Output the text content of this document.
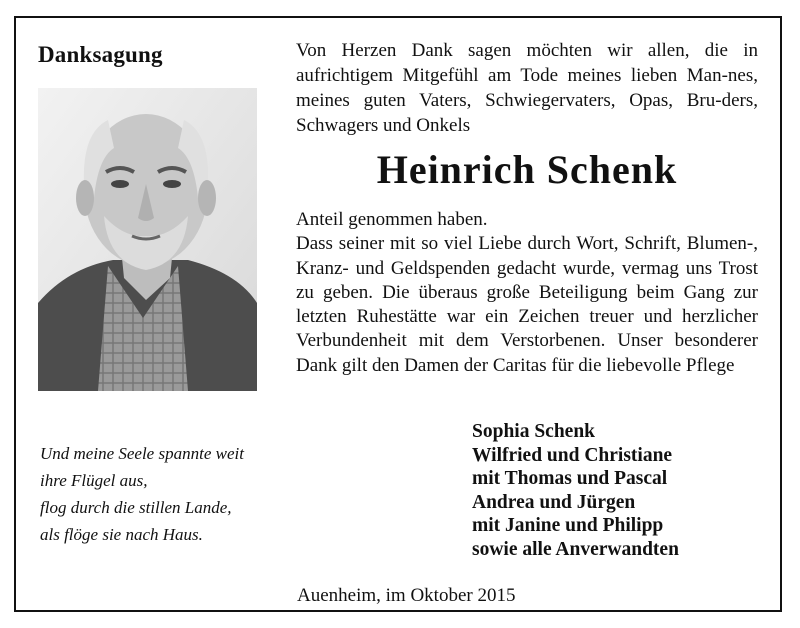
Danksagung
Und meine Seele spannte weit
ihre Flügel aus,
flog durch die stillen Lande,
als flöge sie nach Haus.

Von Herzen Dank sagen möchten wir allen, die in aufrichtigem Mitgefühl am Tode meines lieben Man-nes, meines guten Vaters, Schwiegervaters, Opas, Bru-ders, Schwagers und Onkels

Heinrich Schenk

Anteil genommen haben.

Dass seiner mit so viel Liebe durch Wort, Schrift, Blumen-, Kranz- und Geldspenden gedacht wurde, vermag uns Trost zu geben. Die überaus große Beteiligung beim Gang zur letzten Ruhestätte war ein Zeichen treuer und herzlicher Verbundenheit mit dem Verstorbenen. Unser besonderer Dank gilt den Damen der Caritas für die liebevolle Pflege

Sophia Schenk
Wilfried und Christiane
mit Thomas und Pascal
Andrea und Jürgen
mit Janine und Philipp
sowie alle Anverwandten
Auenheim, im Oktober 2015
